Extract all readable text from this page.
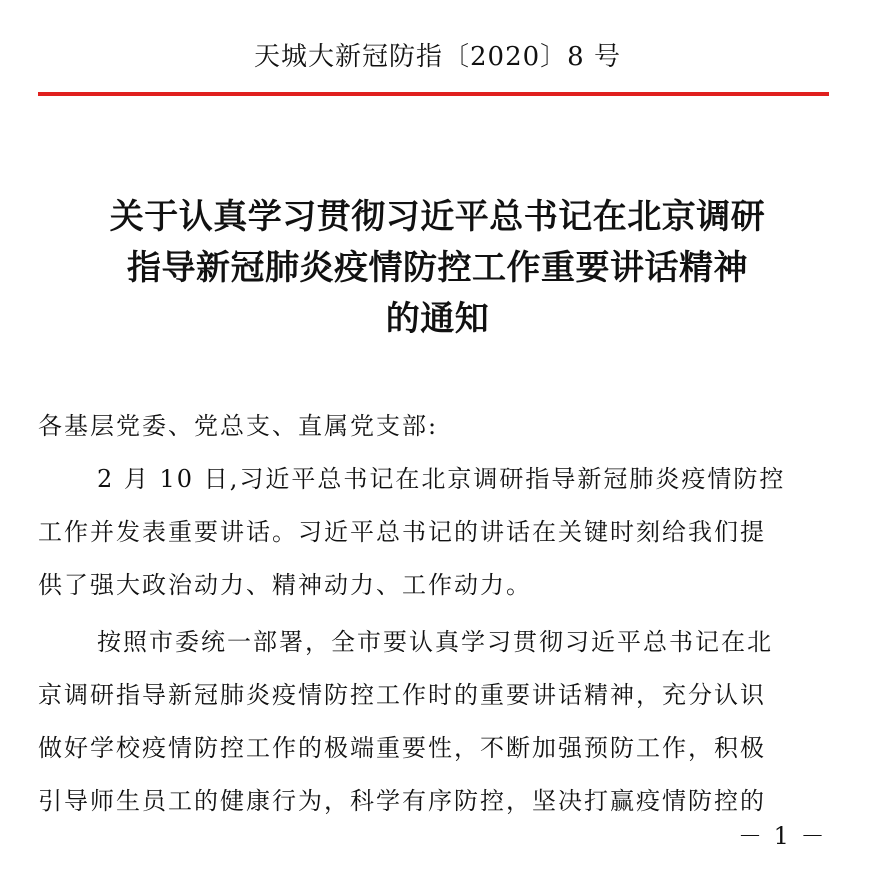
天城大新冠防指〔2020〕8 号
关于认真学习贯彻习近平总书记在北京调研
指导新冠肺炎疫情防控工作重要讲话精神
的通知
各基层党委、党总支、直属党支部:
2 月 10 日,习近平总书记在北京调研指导新冠肺炎疫情防控
工作并发表重要讲话。习近平总书记的讲话在关键时刻给我们提
供了强大政治动力、精神动力、工作动力。
按照市委统一部署，全市要认真学习贯彻习近平总书记在北
京调研指导新冠肺炎疫情防控工作时的重要讲话精神，充分认识
做好学校疫情防控工作的极端重要性，不断加强预防工作，积极
引导师生员工的健康行为，科学有序防控，坚决打赢疫情防控的
－ 1 －
